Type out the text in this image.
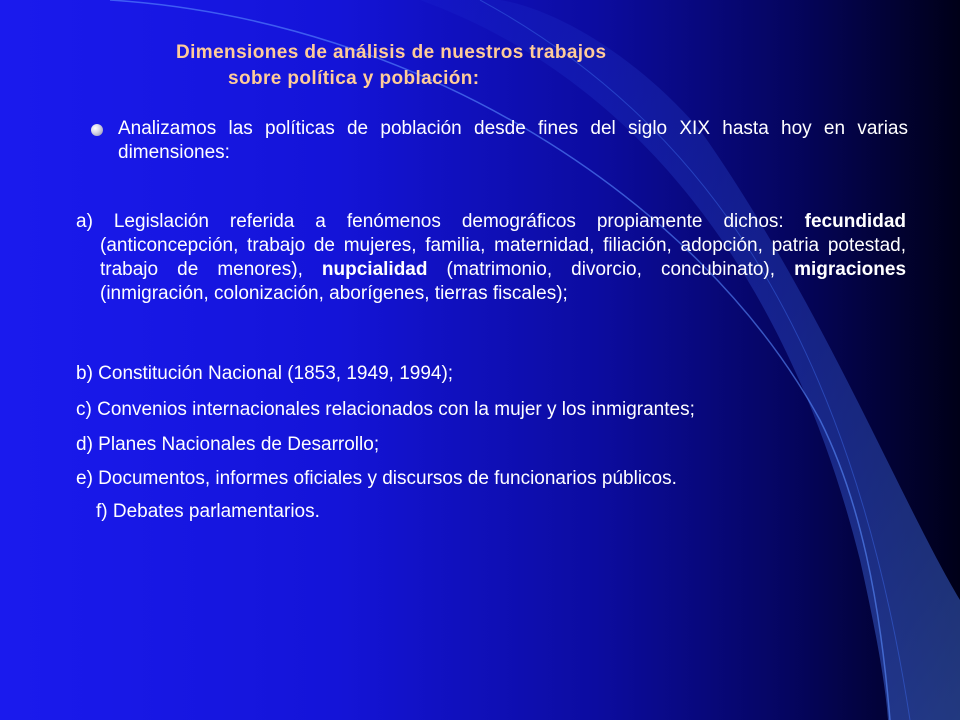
Dimensiones de análisis de nuestros trabajos
sobre política y población:

Analizamos las políticas de población desde fines del siglo XIX hasta hoy en varias dimensiones:

a) Legislación referida a fenómenos demográficos propiamente dichos: fecundidad (anticoncepción, trabajo de mujeres, familia, maternidad, filiación, adopción, patria potestad, trabajo de menores), nupcialidad (matrimonio, divorcio, concubinato), migraciones (inmigración, colonización, aborígenes, tierras fiscales);

b) Constitución Nacional (1853, 1949, 1994);

c) Convenios internacionales relacionados con la mujer y los inmigrantes;

d) Planes Nacionales de Desarrollo;

e) Documentos, informes oficiales y discursos de funcionarios públicos.

f) Debates parlamentarios.
